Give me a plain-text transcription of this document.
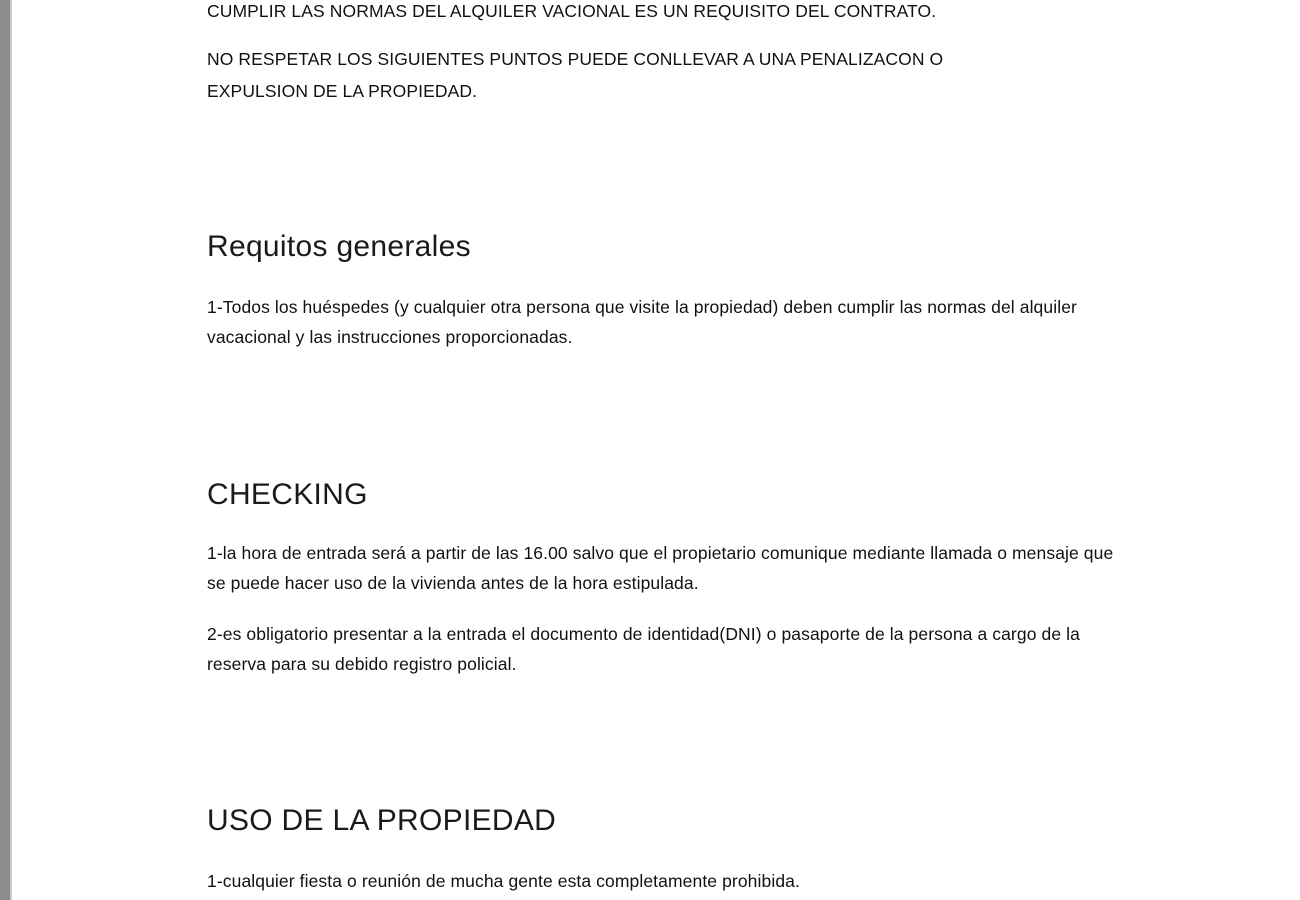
CUMPLIR LAS NORMAS DEL ALQUILER VACIONAL ES UN REQUISITO DEL CONTRATO.

NO RESPETAR LOS SIGUIENTES PUNTOS PUEDE CONLLEVAR A UNA PENALIZACON O EXPULSION DE LA PROPIEDAD.

Requitos generales

1-Todos los huéspedes (y cualquier otra persona que visite la propiedad) deben cumplir las normas del alquiler vacacional y las instrucciones proporcionadas.

CHECKING

1-la hora de entrada será a partir de las 16.00 salvo que el propietario comunique mediante llamada o mensaje que se puede hacer uso de la vivienda antes de la hora estipulada.

2-es obligatorio presentar a la entrada el documento de identidad(DNI) o pasaporte de la persona a cargo de la reserva para su debido registro policial.

USO DE LA PROPIEDAD

1-cualquier fiesta o reunión de mucha gente esta completamente prohibida.
